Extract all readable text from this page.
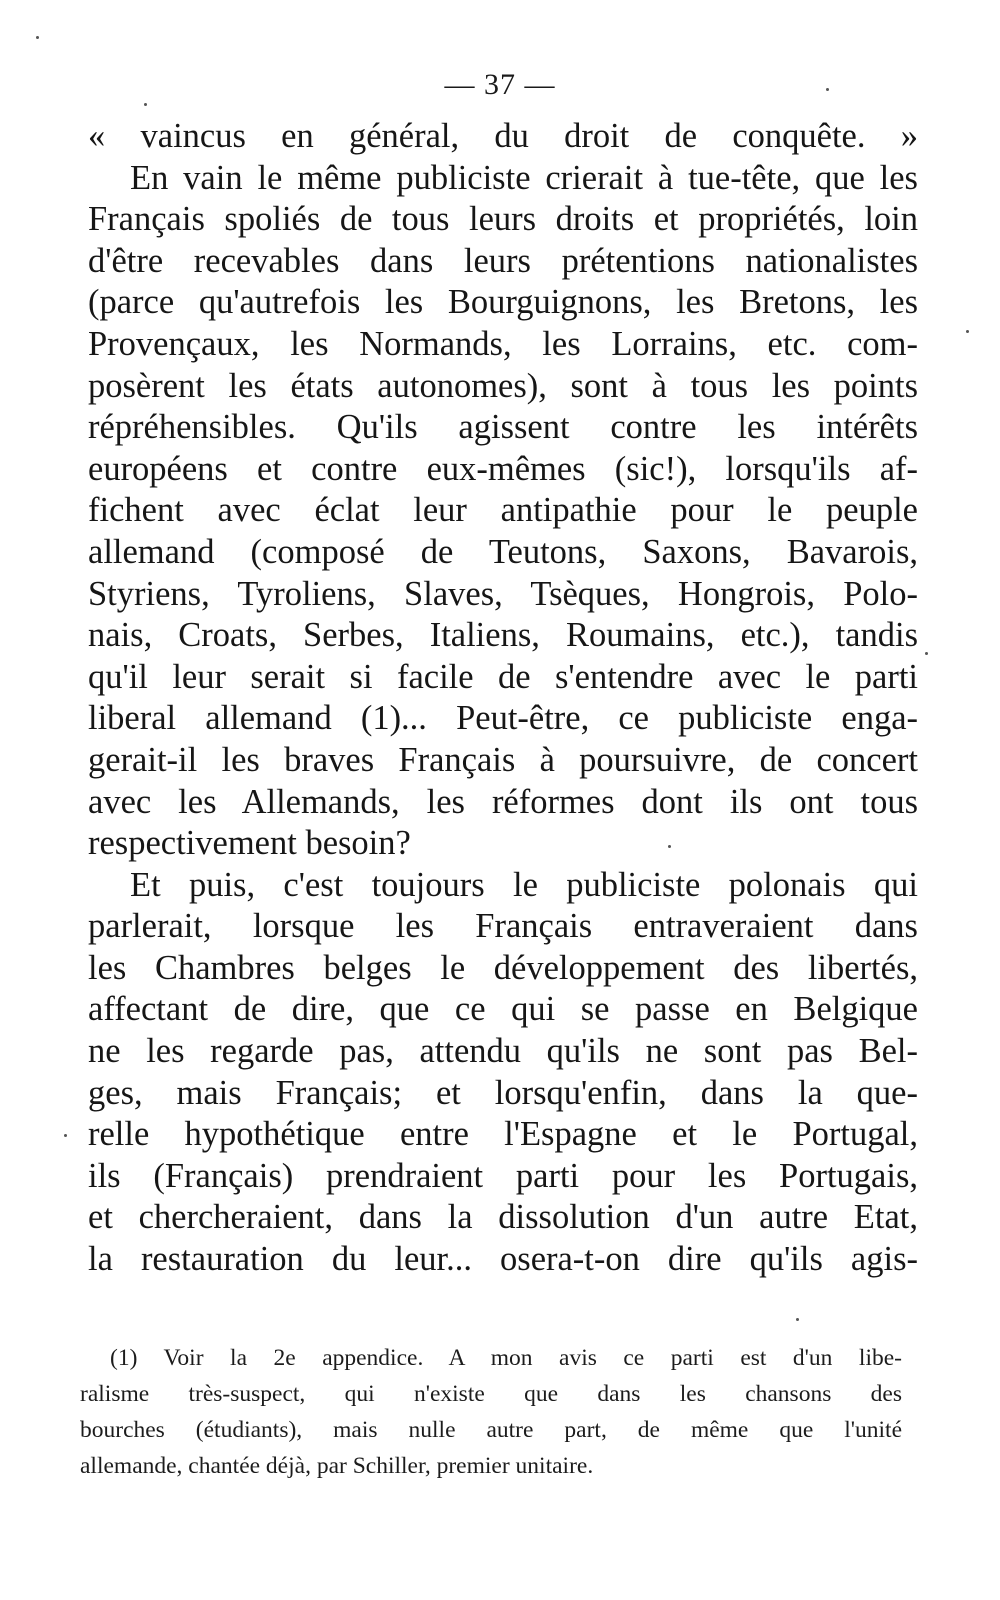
— 37 —
« vaincus en général, du droit de conquête. »
En vain le même publiciste crierait à tue-tête, que les
Français spoliés de tous leurs droits et propriétés, loin
d'être recevables dans leurs prétentions nationalistes
(parce qu'autrefois les Bourguignons, les Bretons, les
Provençaux, les Normands, les Lorrains, etc. com-
posèrent les états autonomes), sont à tous les points
répréhensibles. Qu'ils agissent contre les intérêts
européens et contre eux-mêmes (sic!), lorsqu'ils af-
fichent avec éclat leur antipathie pour le peuple
allemand (composé de Teutons, Saxons, Bavarois,
Styriens, Tyroliens, Slaves, Tsèques, Hongrois, Polo-
nais, Croats, Serbes, Italiens, Roumains, etc.), tandis
qu'il leur serait si facile de s'entendre avec le parti
liberal allemand (1)... Peut-être, ce publiciste enga-
gerait-il les braves Français à poursuivre, de concert
avec les Allemands, les réformes dont ils ont tous
respectivement besoin?
Et puis, c'est toujours le publiciste polonais qui
parlerait, lorsque les Français entraveraient dans
les Chambres belges le développement des libertés,
affectant de dire, que ce qui se passe en Belgique
ne les regarde pas, attendu qu'ils ne sont pas Bel-
ges, mais Français; et lorsqu'enfin, dans la que-
relle hypothétique entre l'Espagne et le Portugal,
ils (Français) prendraient parti pour les Portugais,
et chercheraient, dans la dissolution d'un autre Etat,
la restauration du leur... osera-t-on dire qu'ils agis-
(1) Voir la 2e appendice. A mon avis ce parti est d'un libe-
ralisme très-suspect, qui n'existe que dans les chansons des
bourches (étudiants), mais nulle autre part, de même que l'unité
allemande, chantée déjà, par Schiller, premier unitaire.
